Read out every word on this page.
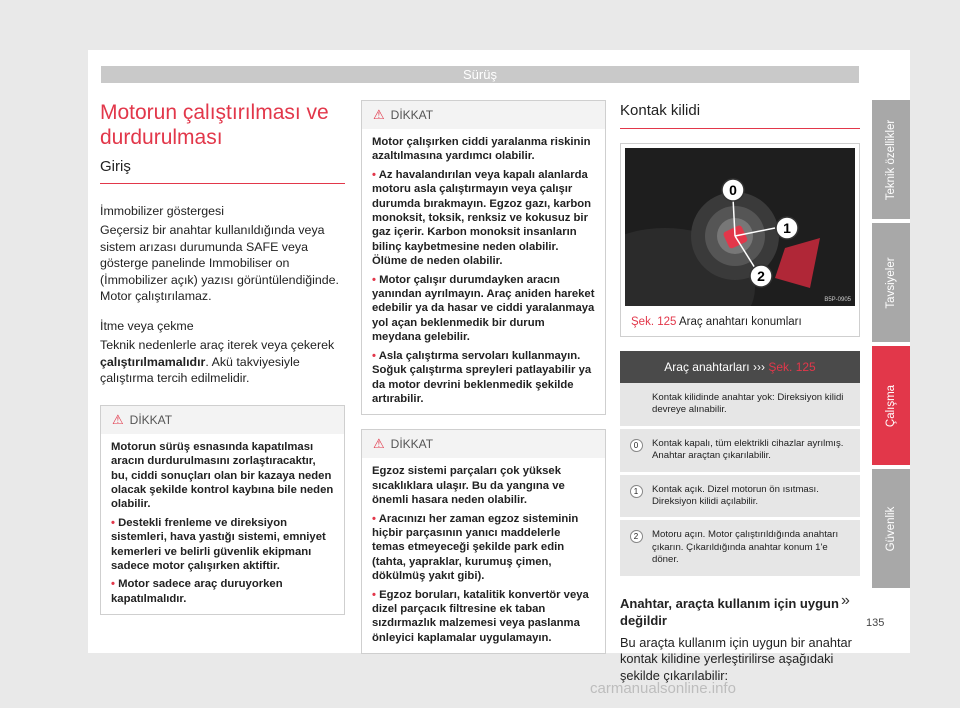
Sürüş
Motorun çalıştırılması ve
durdurulması
Giriş
İmmobilizer göstergesi

Geçersiz bir anahtar kullanıldığında veya sistem arızası durumunda SAFE veya gösterge panelinde Immobiliser on (İmmobilizer açık) yazısı görüntülendiğinde. Motor çalıştırılamaz.

İtme veya çekme

Teknik nedenlerle araç iterek veya çekerek çalıştırılmamalıdır. Akü takviyesiyle çalıştırma tercih edilmelidir.

⚠ DİKKAT
Motorun sürüş esnasında kapatılması aracın durdurulmasını zorlaştıracaktır, bu, ciddi sonuçları olan bir kazaya neden olacak şekilde kontrol kaybına bile neden olabilir.
• Destekli frenleme ve direksiyon sistemleri, hava yastığı sistemi, emniyet kemerleri ve belirli güvenlik ekipmanı sadece motor çalışırken aktiftir.
• Motor sadece araç duruyorken kapatılmalıdır.
⚠ DİKKAT
Motor çalışırken ciddi yaralanma riskinin azaltılmasına yardımcı olabilir.
• Az havalandırılan veya kapalı alanlarda motoru asla çalıştırmayın veya çalışır durumda bırakmayın. Egzoz gazı, karbon monoksit, toksik, renksiz ve kokusuz bir gaz içerir. Karbon monoksit insanların bilinç kaybetmesine neden olabilir. Ölüme de neden olabilir.
• Motor çalışır durumdayken aracın yanından ayrılmayın. Araç aniden hareket edebilir ya da hasar ve ciddi yaralanmaya yol açan beklenmedik bir durum meydana gelebilir.
• Asla çalıştırma servoları kullanmayın. Soğuk çalıştırma spreyleri patlayabilir ya da motor devrini beklenmedik şekilde artırabilir.
⚠ DİKKAT
Egzoz sistemi parçaları çok yüksek sıcaklıklara ulaşır. Bu da yangına ve önemli hasara neden olabilir.
• Aracınızı her zaman egzoz sisteminin hiçbir parçasının yanıcı maddelerle temas etmeyeceği şekilde park edin (tahta, yapraklar, kurumuş çimen, dökülmüş yakıt gibi).
• Egzoz boruları, katalitik konvertör veya dizel parçacık filtresine ek taban sızdırmazlık malzemesi veya paslanma önleyici kaplamalar uygulamayın.
Kontak kilidi
0
1
2
B5P-0905
Şek. 125 Araç anahtarı konumları
Araç anahtarları ››› Şek. 125
Kontak kilidinde anahtar yok: Direksiyon kilidi devreye alınabilir.
0	Kontak kapalı, tüm elektrikli cihazlar ayrılmış. Anahtar araçtan çıkarılabilir.
1	Kontak açık. Dizel motorun ön ısıtması. Direksiyon kilidi açılabilir.
2	Motoru açın. Motor çalıştırıldığında anahtarı çıkarın. Çıkarıldığında anahtar konum 1'e döner.
Anahtar, araçta kullanım için uygun değildir

Bu araçta kullanım için uygun bir anahtar kontak kilidine yerleştirilirse aşağıdaki şekilde çıkarılabilir:

»
Teknik özellikler
Tavsiyeler
Çalışma
Güvenlik
135
carmanualsonline.info
